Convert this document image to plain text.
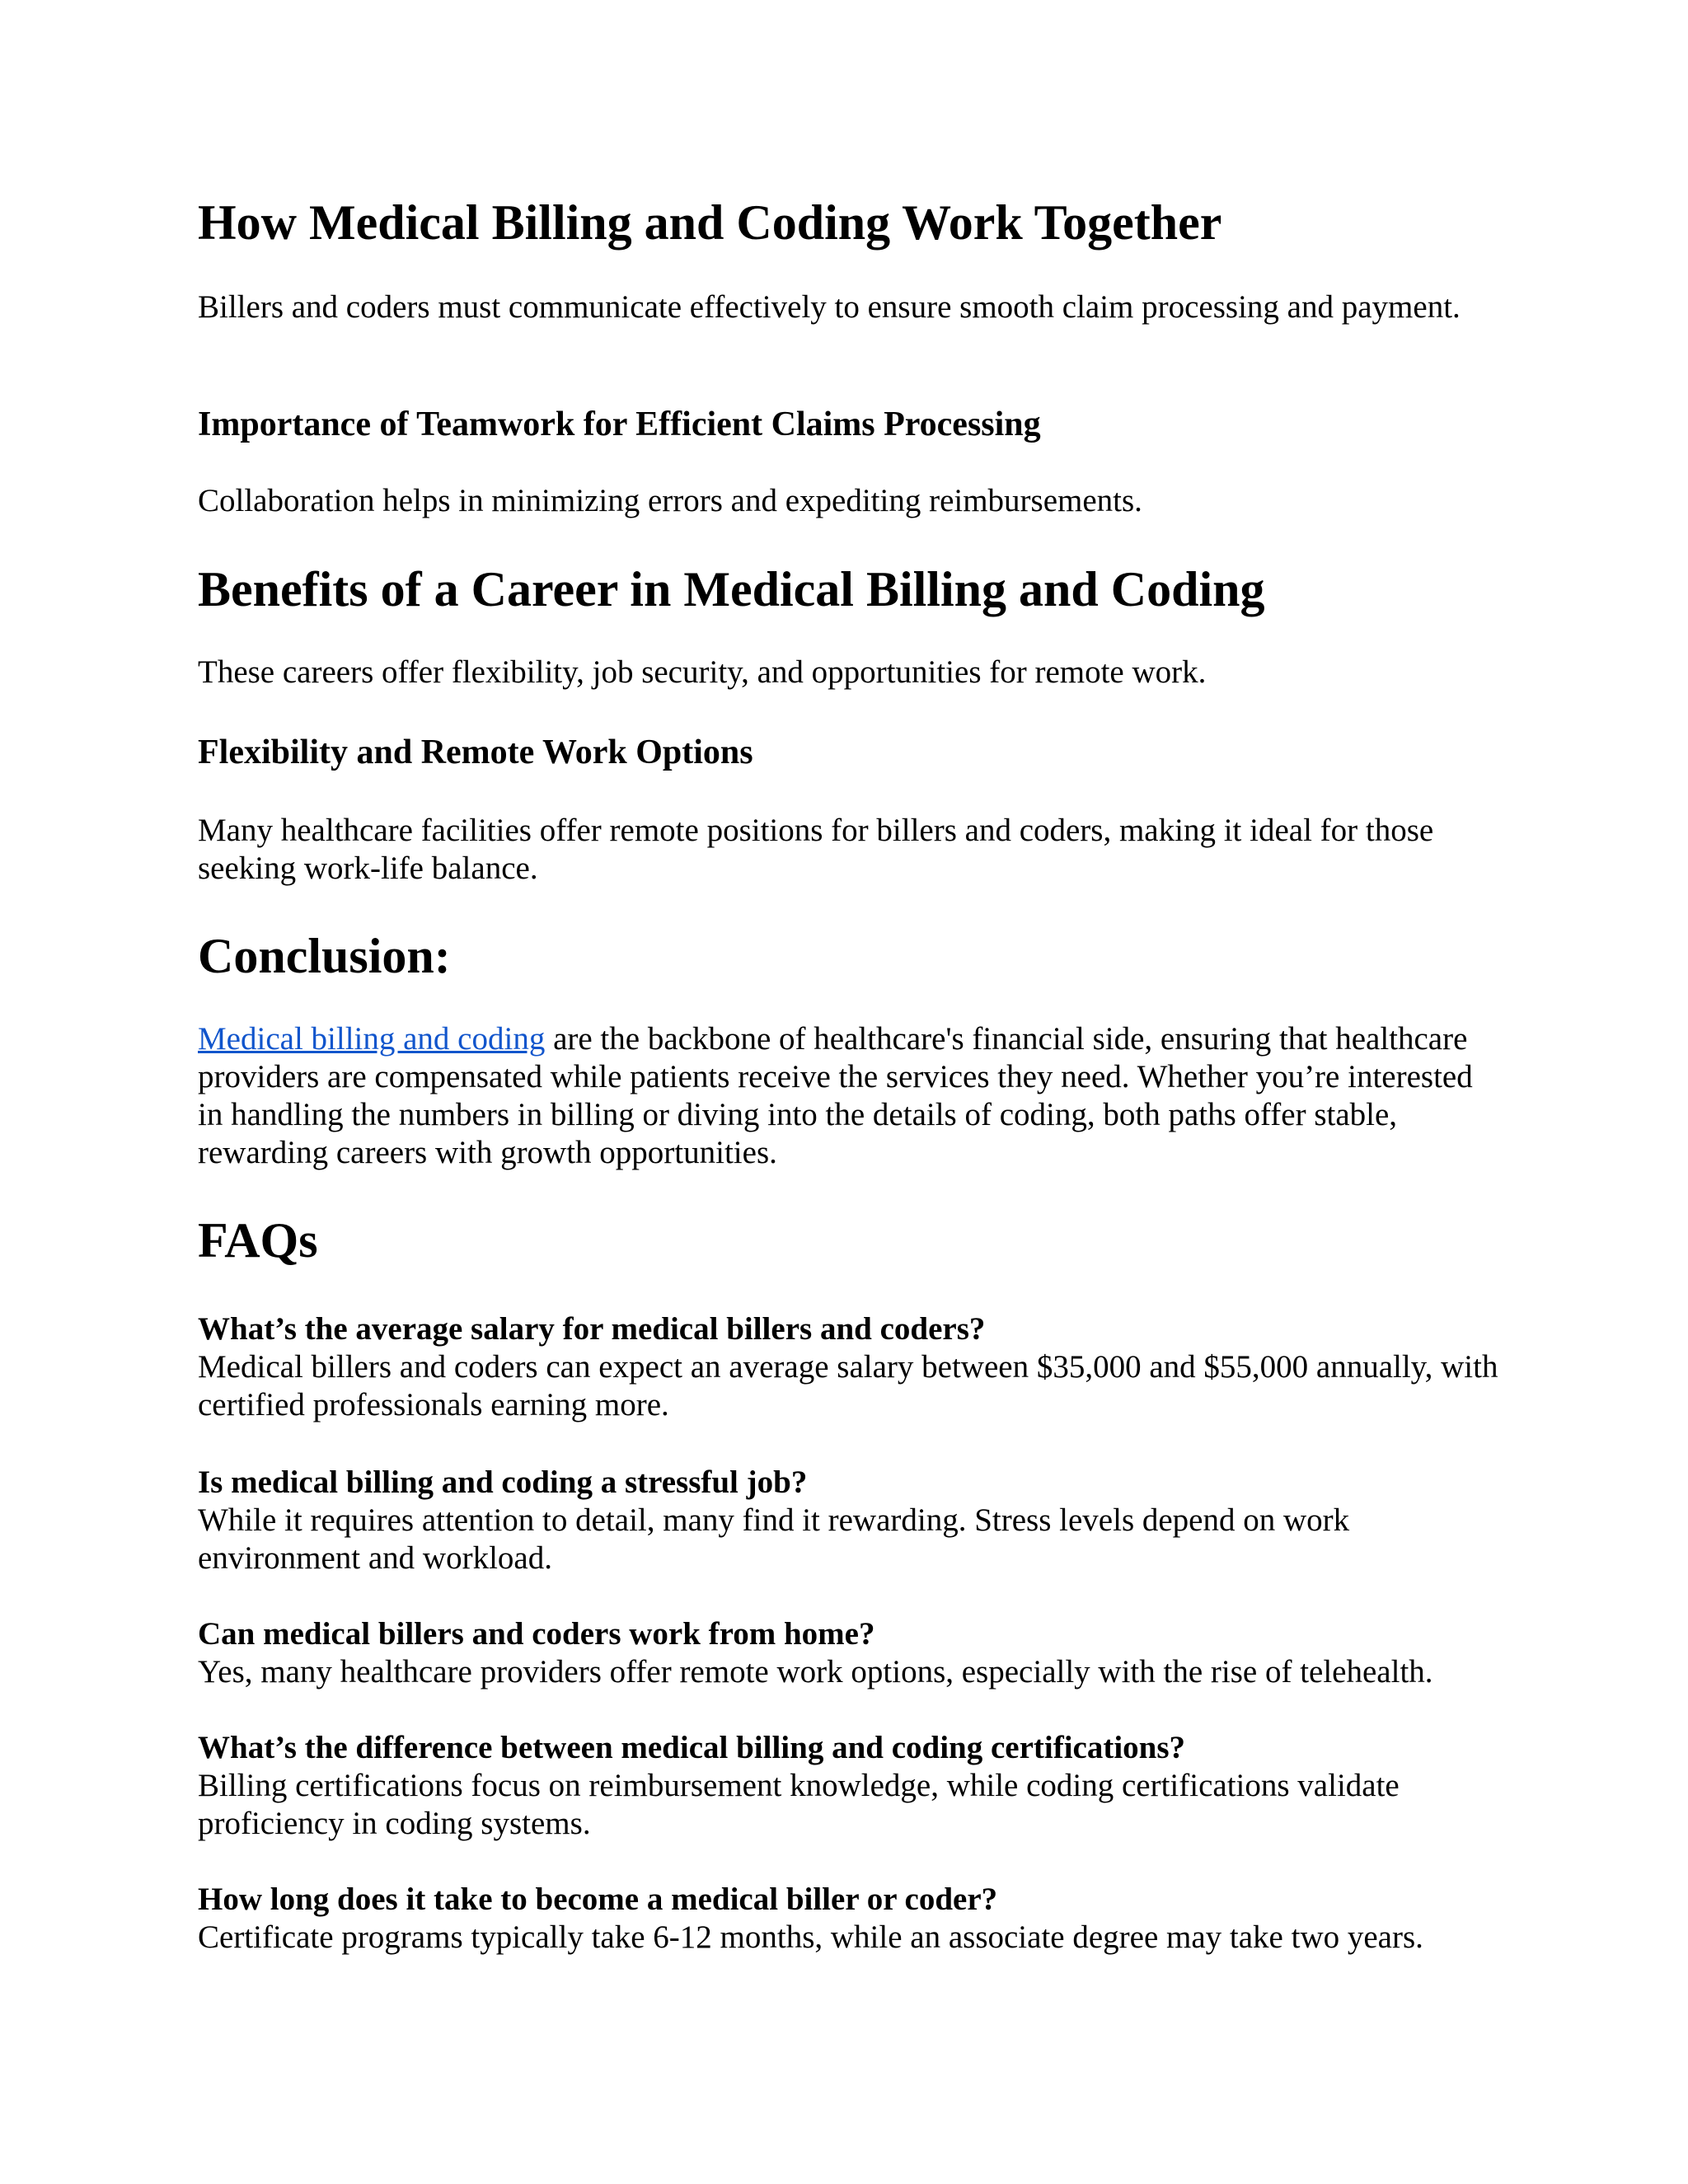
How Medical Billing and Coding Work Together

Billers and coders must communicate effectively to ensure smooth claim processing and payment.

Importance of Teamwork for Efficient Claims Processing

Collaboration helps in minimizing errors and expediting reimbursements.

Benefits of a Career in Medical Billing and Coding

These careers offer flexibility, job security, and opportunities for remote work.

Flexibility and Remote Work Options

Many healthcare facilities offer remote positions for billers and coders, making it ideal for those seeking work-life balance.

Conclusion:

Medical billing and coding are the backbone of healthcare's financial side, ensuring that healthcare providers are compensated while patients receive the services they need. Whether you’re interested in handling the numbers in billing or diving into the details of coding, both paths offer stable, rewarding careers with growth opportunities.

FAQs
What’s the average salary for medical billers and coders?
Medical billers and coders can expect an average salary between $35,000 and $55,000 annually, with certified professionals earning more.
Is medical billing and coding a stressful job?
While it requires attention to detail, many find it rewarding. Stress levels depend on work environment and workload.
Can medical billers and coders work from home?
Yes, many healthcare providers offer remote work options, especially with the rise of telehealth.
What’s the difference between medical billing and coding certifications?
Billing certifications focus on reimbursement knowledge, while coding certifications validate proficiency in coding systems.
How long does it take to become a medical biller or coder?
Certificate programs typically take 6-12 months, while an associate degree may take two years.
